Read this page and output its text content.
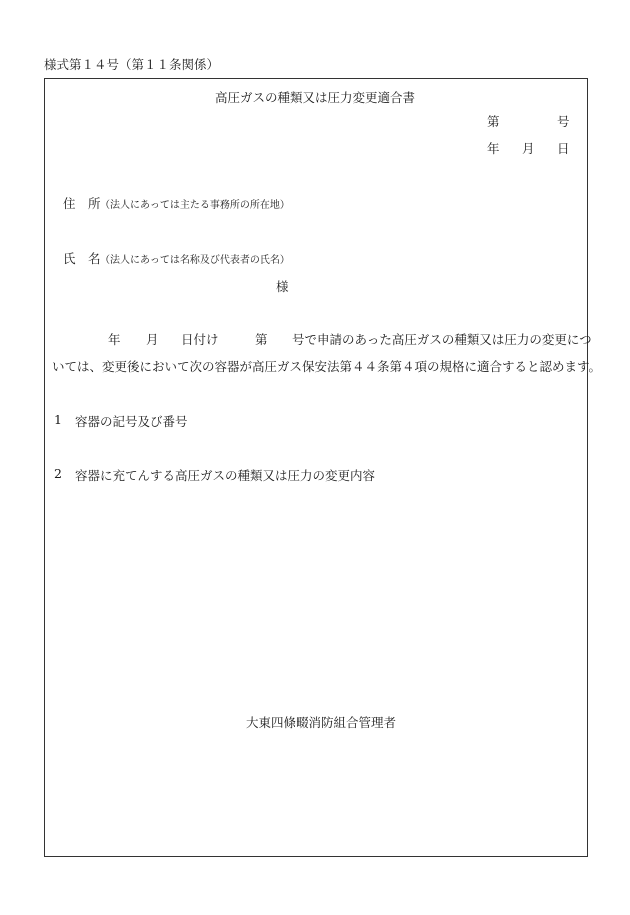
様式第１４号（第１１条関係）
高圧ガスの種類又は圧力変更適合書
第	号
年 月 日
住　所 （法人にあっては主たる事務所の所在地）
氏　名 （法人にあっては名称及び代表者の氏名）
様
年 月 日付け	第 号で申請のあった高圧ガスの種類又は圧力の変更につ
いては、変更後において次の容器が高圧ガス保安法第４４条第４項の規格に適合すると認めます。
1 容器の記号及び番号
2 容器に充てんする高圧ガスの種類又は圧力の変更内容
大東四條畷消防組合管理者
